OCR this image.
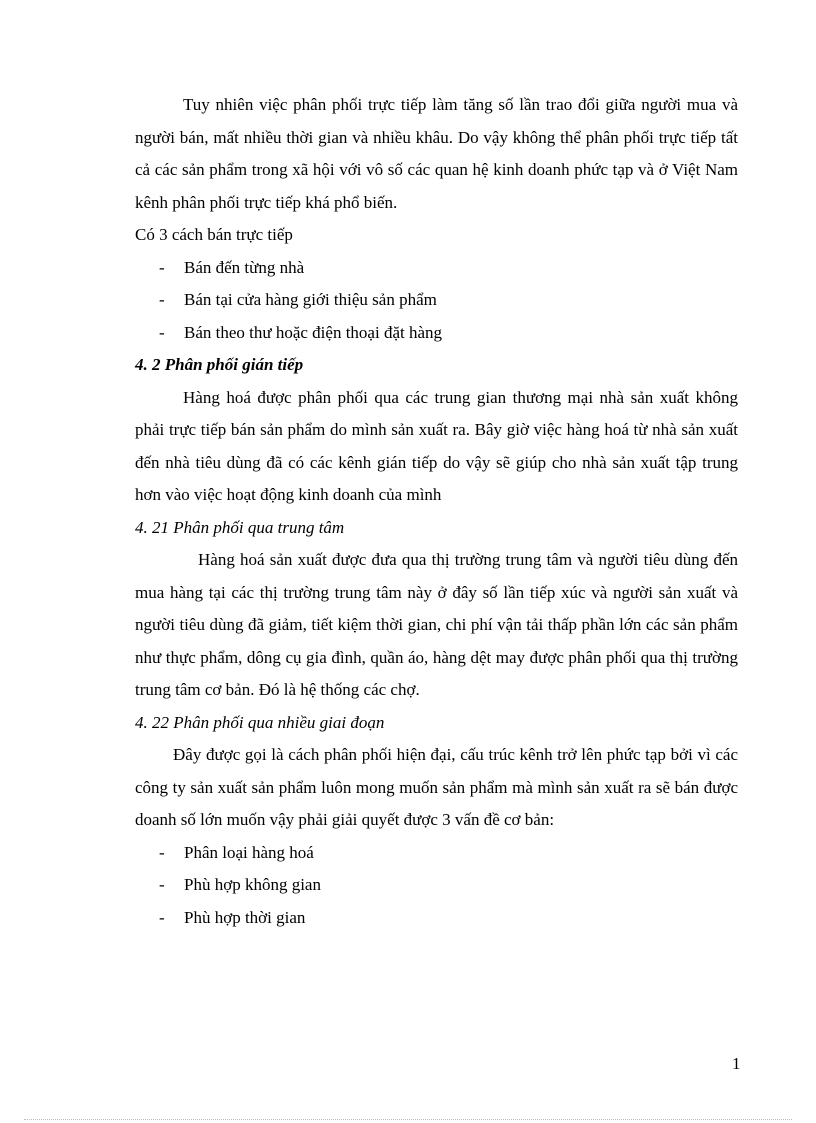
Tuy nhiên việc phân phối trực tiếp làm tăng số lần trao đổi giữa người mua và người bán, mất nhiều thời gian và nhiều khâu. Do vậy không thể phân phối trực tiếp tất cả các sản phẩm trong xã hội với vô số các quan hệ kinh doanh phức tạp và ở Việt Nam kênh phân phối trực tiếp khá phổ biến.

Có 3 cách bán trực tiếp

- Bán đến từng nhà
- Bán tại cửa hàng giới thiệu sản phẩm
- Bán theo thư hoặc điện thoại đặt hàng

4. 2 Phân phối gián tiếp

Hàng hoá được phân phối qua các trung gian thương mại nhà sản xuất không phải trực tiếp bán sản phẩm do mình sản xuất ra. Bây giờ việc hàng hoá từ nhà sản xuất đến nhà tiêu dùng đã có các kênh gián tiếp do vậy sẽ giúp cho nhà sản xuất tập trung hơn vào việc hoạt động kinh doanh của mình

4. 21 Phân phối qua trung tâm

Hàng hoá sản xuất được đưa qua thị trường trung tâm và người tiêu dùng đến mua hàng tại các thị trường trung tâm này ở đây số lần tiếp xúc và người sản xuất và người tiêu dùng đã giảm, tiết kiệm thời gian, chi phí vận tải thấp phần lớn các sản phẩm như thực phẩm, dông cụ gia đình, quần áo, hàng dệt may được phân phối qua thị trường trung tâm cơ bản. Đó là hệ thống các chợ.

4. 22 Phân phối qua nhiều giai đoạn

Đây được gọi là cách phân phối hiện đại, cấu trúc kênh trở lên phức tạp bởi vì các công ty sản xuất sản phẩm luôn mong muốn sản phẩm mà mình sản xuất ra sẽ bán được doanh số lớn muốn vậy phải giải quyết được 3 vấn đề cơ bản:

- Phân loại hàng hoá
- Phù hợp không gian
- Phù hợp thời gian
1
